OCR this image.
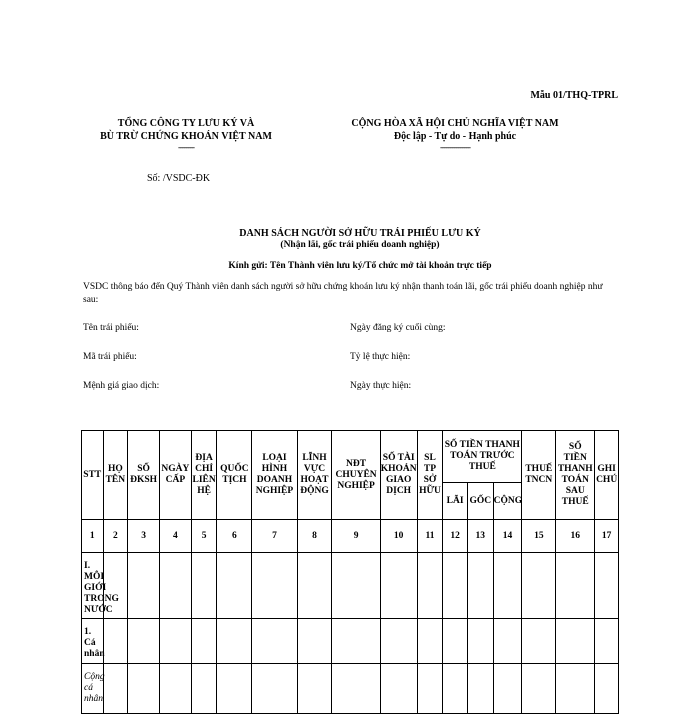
Mẫu 01/THQ-TPRL
TỔNG CÔNG TY LƯU KÝ VÀ
BÙ TRỪ CHỨNG KHOÁN VIỆT NAM
--------
CỘNG HÒA XÃ HỘI CHỦ NGHĨA VIỆT NAM
Độc lập - Tự do - Hạnh phúc
---------------
Số: /VSDC-ĐK
DANH SÁCH NGƯỜI SỞ HỮU TRÁI PHIẾU LƯU KÝ
(Nhận lãi, gốc trái phiếu doanh nghiệp)
Kính gửi: Tên Thành viên lưu ký/Tổ chức mở tài khoản trực tiếp
VSDC thông báo đến Quý Thành viên danh sách người sở hữu chứng khoán lưu ký nhận thanh toán lãi, gốc trái phiếu doanh nghiệp như sau:
Tên trái phiếu:	Ngày đăng ký cuối cùng:
Mã trái phiếu:	Tỷ lệ thực hiện:
Mệnh giá giao dịch:	Ngày thực hiện:
STT	HỌ TÊN	SỐ ĐKSH	NGÀY CẤP	ĐỊA CHỈ LIÊN HỆ	QUỐC TỊCH	LOẠI HÌNH DOANH NGHIỆP	LĨNH VỰC HOẠT ĐỘNG	NĐT CHUYÊN NGHIỆP	SỐ TÀI KHOẢN GIAO DỊCH	SL TP SỞ HỮU	SỐ TIỀN THANH TOÁN TRƯỚC THUẾ			THUẾ TNCN	SỐ TIỀN THANH TOÁN SAU THUẾ	GHI CHÚ
											LÃI	GỐC	CỘNG			
1	2	3	4	5	6	7	8	9	10	11	12	13	14	15	16	17
I. MÔI GIỚI TRONG NƯỚC																
1. Cá nhân																
Cộng cá nhân																
